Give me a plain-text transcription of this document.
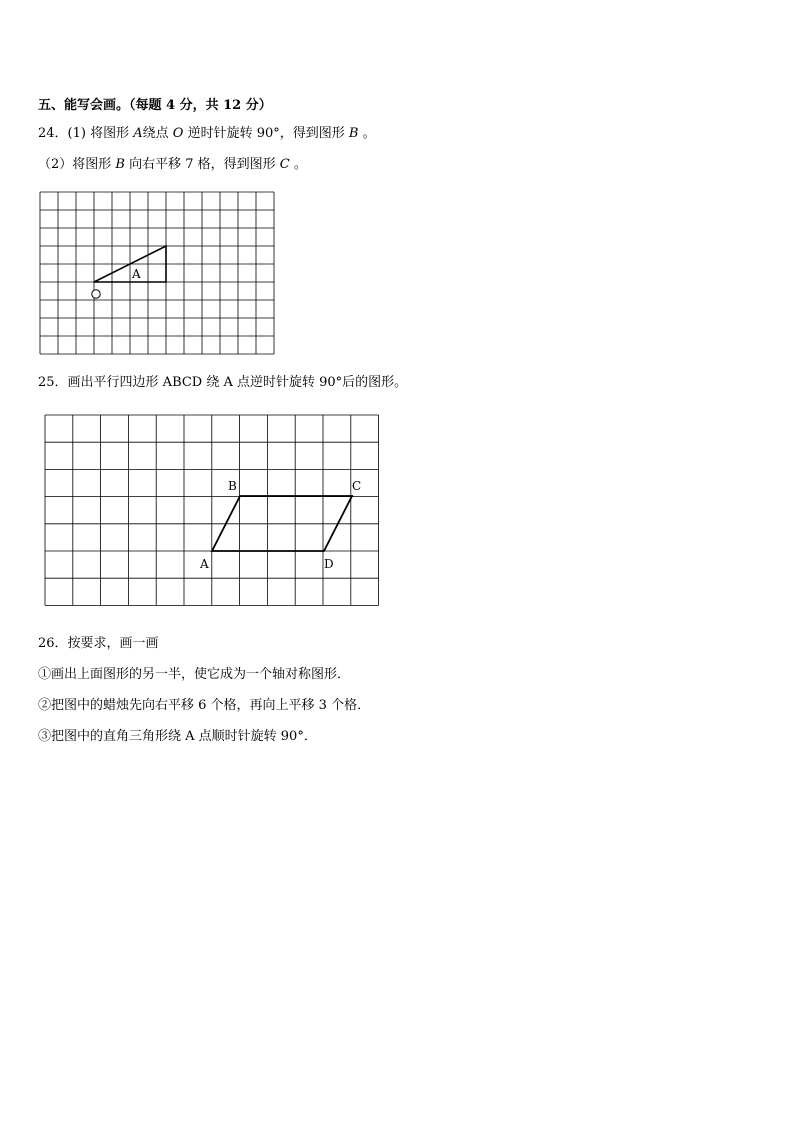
五、能写会画。（每题 4 分，共 12 分）
24．(1) 将图形 A绕点 O 逆时针旋转 90°，得到图形 B 。
（2）将图形 B 向右平移 7 格，得到图形 C 。
A
25．画出平行四边形 ABCD 绕 A 点逆时针旋转 90°后的图形。
A
B	C
D
26．按要求，画一画
①画出上面图形的另一半，使它成为一个轴对称图形．
②把图中的蜡烛先向右平移 6 个格，再向上平移 3 个格．
③把图中的直角三角形绕 A 点顺时针旋转 90°．
